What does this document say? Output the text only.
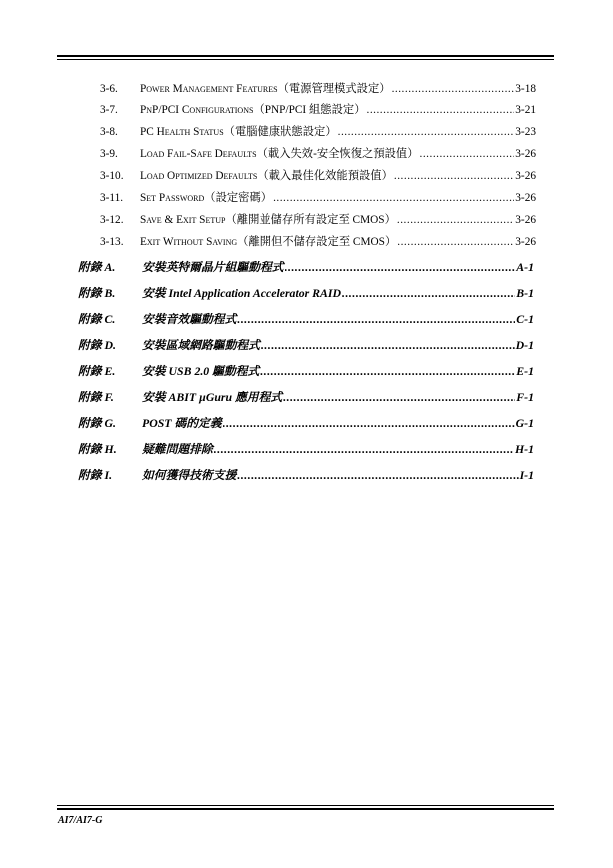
3-6.	Power Management Features（電源管理模式設定） .....	3-18
3-7.	PnP/PCI Configurations（PNP/PCI 組態設定） .....	3-21
3-8.	PC Health Status（電腦健康狀態設定） .....	3-23
3-9.	Load Fail-Safe Defaults（載入失效-安全恢復之預設值） .....	3-26
3-10.	Load Optimized Defaults（載入最佳化效能預設值） .....	3-26
3-11.	Set Password（設定密碼） .....	3-26
3-12.	Save & Exit Setup（離開並儲存所有設定至 CMOS） .....	3-26
3-13.	Exit Without Saving（離開但不儲存設定至 CMOS） .....	3-26
附錄 A.	安裝英特爾晶片組驅動程式 .....	A-1
附錄 B.	安裝 Intel Application Accelerator RAID .....	B-1
附錄 C.	安裝音效驅動程式 .....	C-1
附錄 D.	安裝區域網路驅動程式 .....	D-1
附錄 E.	安裝 USB 2.0 驅動程式 .....	E-1
附錄 F.	安裝 ABIT µGuru 應用程式 .....	F-1
附錄 G.	POST 碼的定義 .....	G-1
附錄 H.	疑難問題排除 .....	H-1
附錄 I.	如何獲得技術支援 .....	I-1
AI7/AI7-G
